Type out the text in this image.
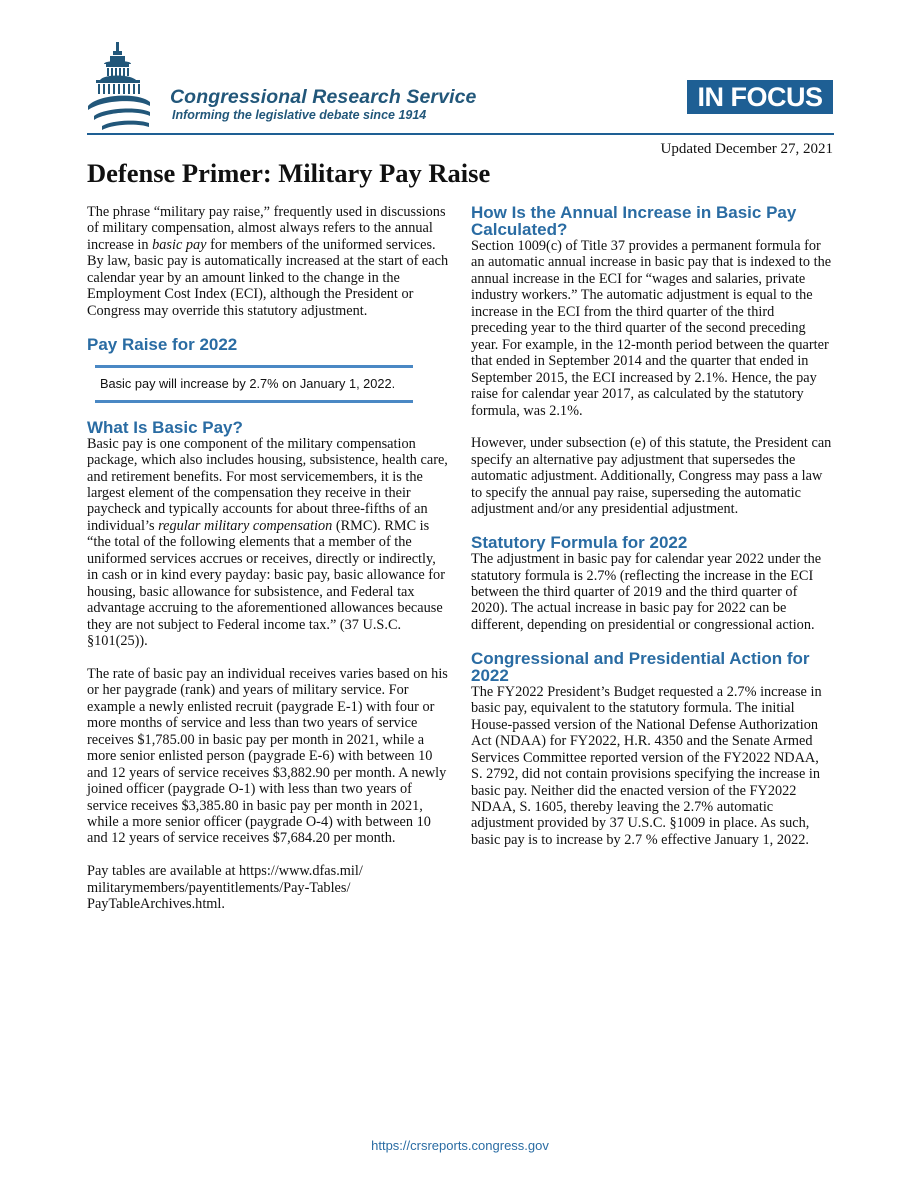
Congressional Research Service
Informing the legislative debate since 1914
IN FOCUS
Updated December 27, 2021
Defense Primer: Military Pay Raise

The phrase “military pay raise,” frequently used in discussions of military compensation, almost always refers to the annual increase in basic pay for members of the uniformed services. By law, basic pay is automatically increased at the start of each calendar year by an amount linked to the change in the Employment Cost Index (ECI), although the President or Congress may override this statutory adjustment.

Pay Raise for 2022
Basic pay will increase by 2.7% on January 1, 2022.
What Is Basic Pay?

Basic pay is one component of the military compensation package, which also includes housing, subsistence, health care, and retirement benefits. For most servicemembers, it is the largest element of the compensation they receive in their paycheck and typically accounts for about three-fifths of an individual’s regular military compensation (RMC). RMC is “the total of the following elements that a member of the uniformed services accrues or receives, directly or indirectly, in cash or in kind every payday: basic pay, basic allowance for housing, basic allowance for subsistence, and Federal tax advantage accruing to the aforementioned allowances because they are not subject to Federal income tax.” (37 U.S.C. §101(25)).

The rate of basic pay an individual receives varies based on his or her paygrade (rank) and years of military service. For example a newly enlisted recruit (paygrade E-1) with four or more months of service and less than two years of service receives $1,785.00 in basic pay per month in 2021, while a more senior enlisted person (paygrade E-6) with between 10 and 12 years of service receives $3,882.90 per month. A newly joined officer (paygrade O-1) with less than two years of service receives $3,385.80 in basic pay per month in 2021, while a more senior officer (paygrade O-4) with between 10 and 12 years of service receives $7,684.20 per month.

Pay tables are available at https://www.dfas.mil/ militarymembers/payentitlements/Pay-Tables/ PayTableArchives.html.

How Is the Annual Increase in Basic Pay Calculated?

Section 1009(c) of Title 37 provides a permanent formula for an automatic annual increase in basic pay that is indexed to the annual increase in the ECI for “wages and salaries, private industry workers.” The automatic adjustment is equal to the increase in the ECI from the third quarter of the third preceding year to the third quarter of the second preceding year. For example, in the 12-month period between the quarter that ended in September 2014 and the quarter that ended in September 2015, the ECI increased by 2.1%. Hence, the pay raise for calendar year 2017, as calculated by the statutory formula, was 2.1%.

However, under subsection (e) of this statute, the President can specify an alternative pay adjustment that supersedes the automatic adjustment. Additionally, Congress may pass a law to specify the annual pay raise, superseding the automatic adjustment and/or any presidential adjustment.

Statutory Formula for 2022

The adjustment in basic pay for calendar year 2022 under the statutory formula is 2.7% (reflecting the increase in the ECI between the third quarter of 2019 and the third quarter of 2020). The actual increase in basic pay for 2022 can be different, depending on presidential or congressional action.

Congressional and Presidential Action for 2022

The FY2022 President’s Budget requested a 2.7% increase in basic pay, equivalent to the statutory formula. The initial House-passed version of the National Defense Authorization Act (NDAA) for FY2022, H.R. 4350 and the Senate Armed Services Committee reported version of the FY2022 NDAA, S. 2792, did not contain provisions specifying the increase in basic pay. Neither did the enacted version of the FY2022 NDAA, S. 1605, thereby leaving the 2.7% automatic adjustment provided by 37 U.S.C. §1009 in place. As such, basic pay is to increase by 2.7 % effective January 1, 2022.

https://crsreports.congress.gov
